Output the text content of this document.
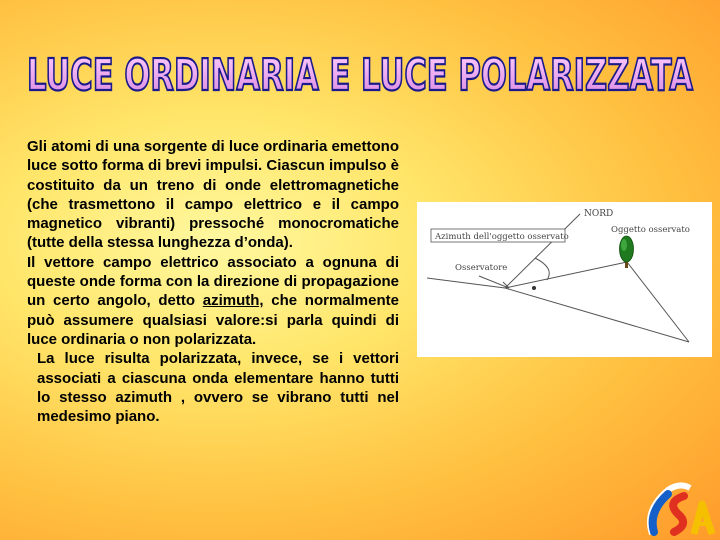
LUCE ORDINARIA E LUCE POLARIZZATA

Gli atomi di una sorgente di luce ordinaria emettono luce sotto forma di brevi impulsi. Ciascun impulso è costituito da un treno di onde elettromagnetiche (che trasmettono il campo elettrico e il campo magnetico vibranti) pressoché monocromatiche (tutte della stessa lunghezza d’onda).

Il vettore campo elettrico associato a ognuna di queste onde forma con la direzione di propagazione un certo angolo, detto azimuth, che normalmente può assumere qualsiasi valore:si parla quindi di luce ordinaria o non polarizzata.

La luce risulta polarizzata, invece, se i vettori associati a ciascuna onda elementare hanno tutti lo stesso azimuth , ovvero se vibrano tutti nel medesimo piano.

Azimuth dell'oggetto osservato
NORD
Oggetto osservato
Osservatore
